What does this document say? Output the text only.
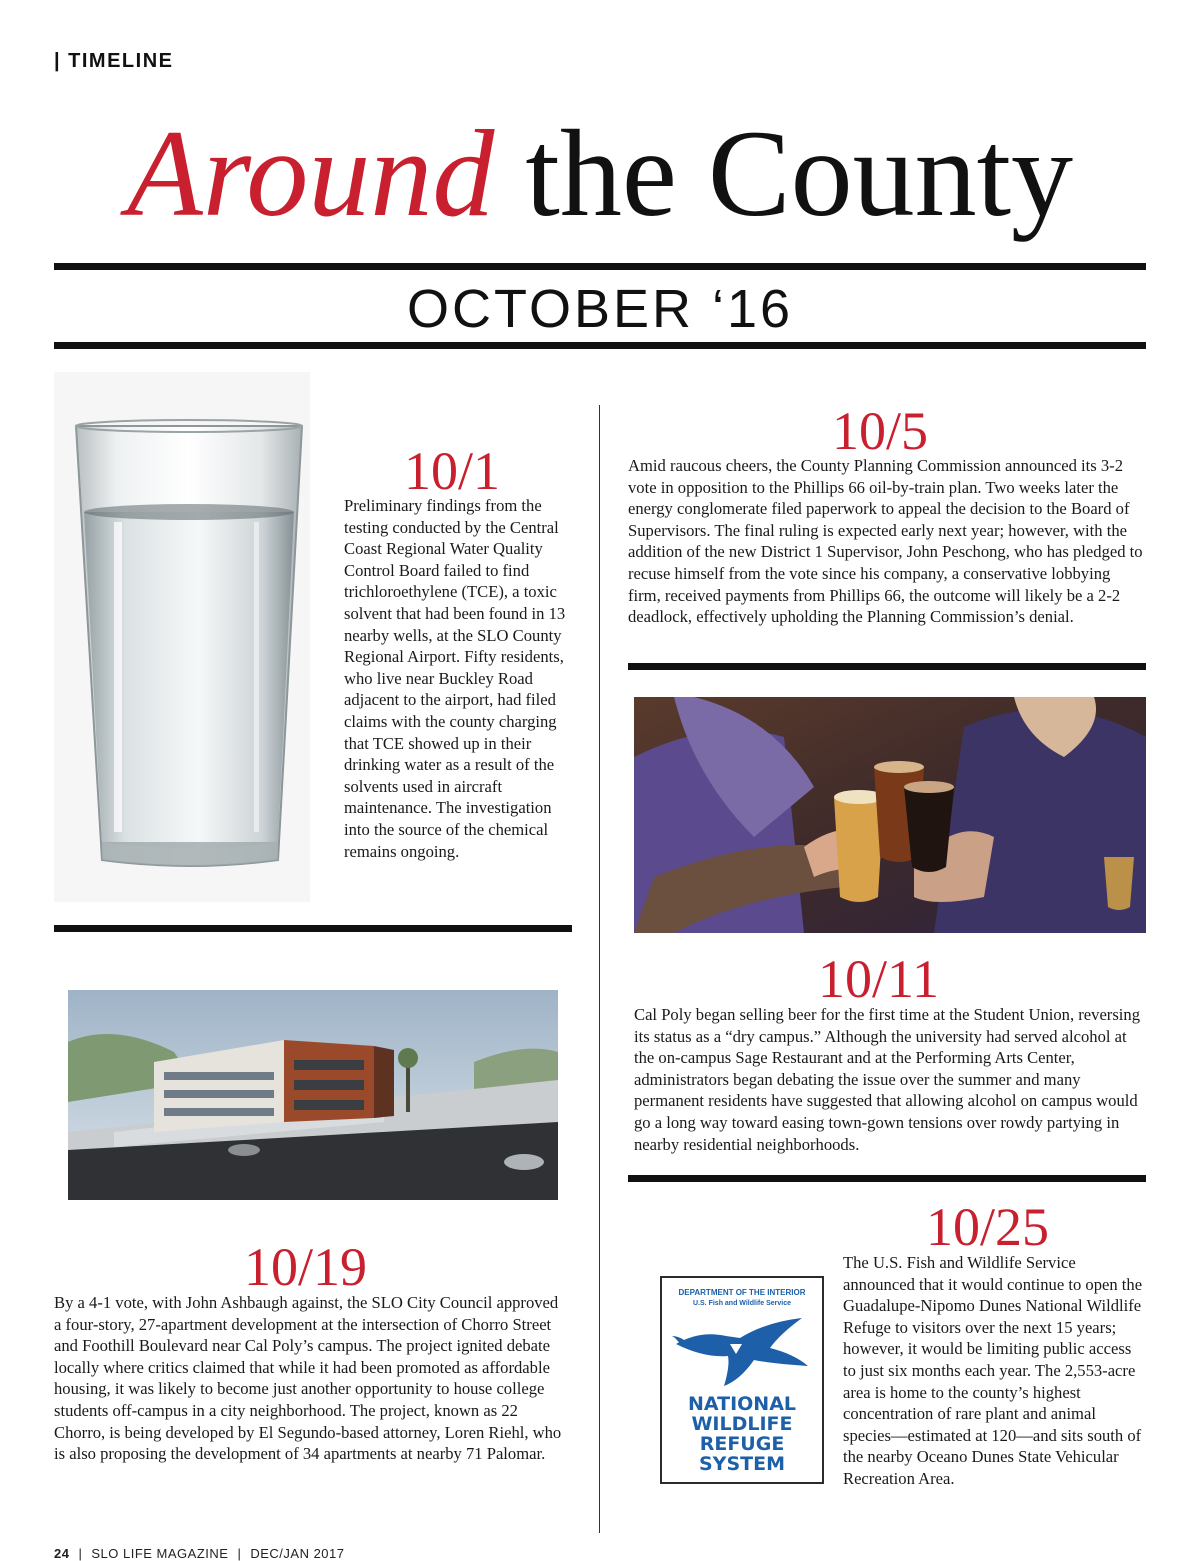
| TIMELINE
Around the County
OCTOBER ‘16
10/1
Preliminary findings from the testing conducted by the Central Coast Regional Water Quality Control Board failed to find trichloroethylene (TCE), a toxic solvent that had been found in 13 nearby wells, at the SLO County Regional Airport. Fifty residents, who live near Buckley Road adjacent to the airport, had filed claims with the county charging that TCE showed up in their drinking water as a result of the solvents used in aircraft maintenance. The investigation into the source of the chemical remains ongoing.
10/19
By a 4-1 vote, with John Ashbaugh against, the SLO City Council approved a four-story, 27-apartment development at the intersection of Chorro Street and Foothill Boulevard near Cal Poly’s campus. The project ignited debate locally where critics claimed that while it had been promoted as affordable housing, it was likely to become just another opportunity to house college students off-campus in a city neighborhood. The project, known as 22 Chorro, is being developed by El Segundo-based attorney, Loren Riehl, who is also proposing the development of 34 apartments at nearby 71 Palomar.
10/5
Amid raucous cheers, the County Planning Commission announced its 3-2 vote in opposition to the Phillips 66 oil-by-train plan. Two weeks later the energy conglomerate filed paperwork to appeal the decision to the Board of Supervisors. The final ruling is expected early next year; however, with the addition of the new District 1 Supervisor, John Peschong, who has pledged to recuse himself from the vote since his company, a conservative lobbying firm, received payments from Phillips 66, the outcome will likely be a 2-2 deadlock, effectively upholding the Planning Commission’s denial.
10/11
Cal Poly began selling beer for the first time at the Student Union, reversing its status as a “dry campus.” Although the university had served alcohol at the on-campus Sage Restaurant and at the Performing Arts Center, administrators began debating the issue over the summer and many permanent residents have suggested that allowing alcohol on campus would go a long way toward easing town-gown tensions over rowdy partying in nearby residential neighborhoods.
DEPARTMENT OF THE INTERIOR
U.S. Fish and Wildlife Service
NATIONAL
WILDLIFE
REFUGE
SYSTEM
10/25
The U.S. Fish and Wildlife Service announced that it would continue to open the Guadalupe-Nipomo Dunes National Wildlife Refuge to visitors over the next 15 years; however, it would be limiting public access to just six months each year. The 2,553-acre area is home to the county’s highest concentration of rare plant and animal species—estimated at 120—and sits south of the nearby Oceano Dunes State Vehicular Recreation Area.
24 | SLO LIFE MAGAZINE | DEC/JAN 2017
